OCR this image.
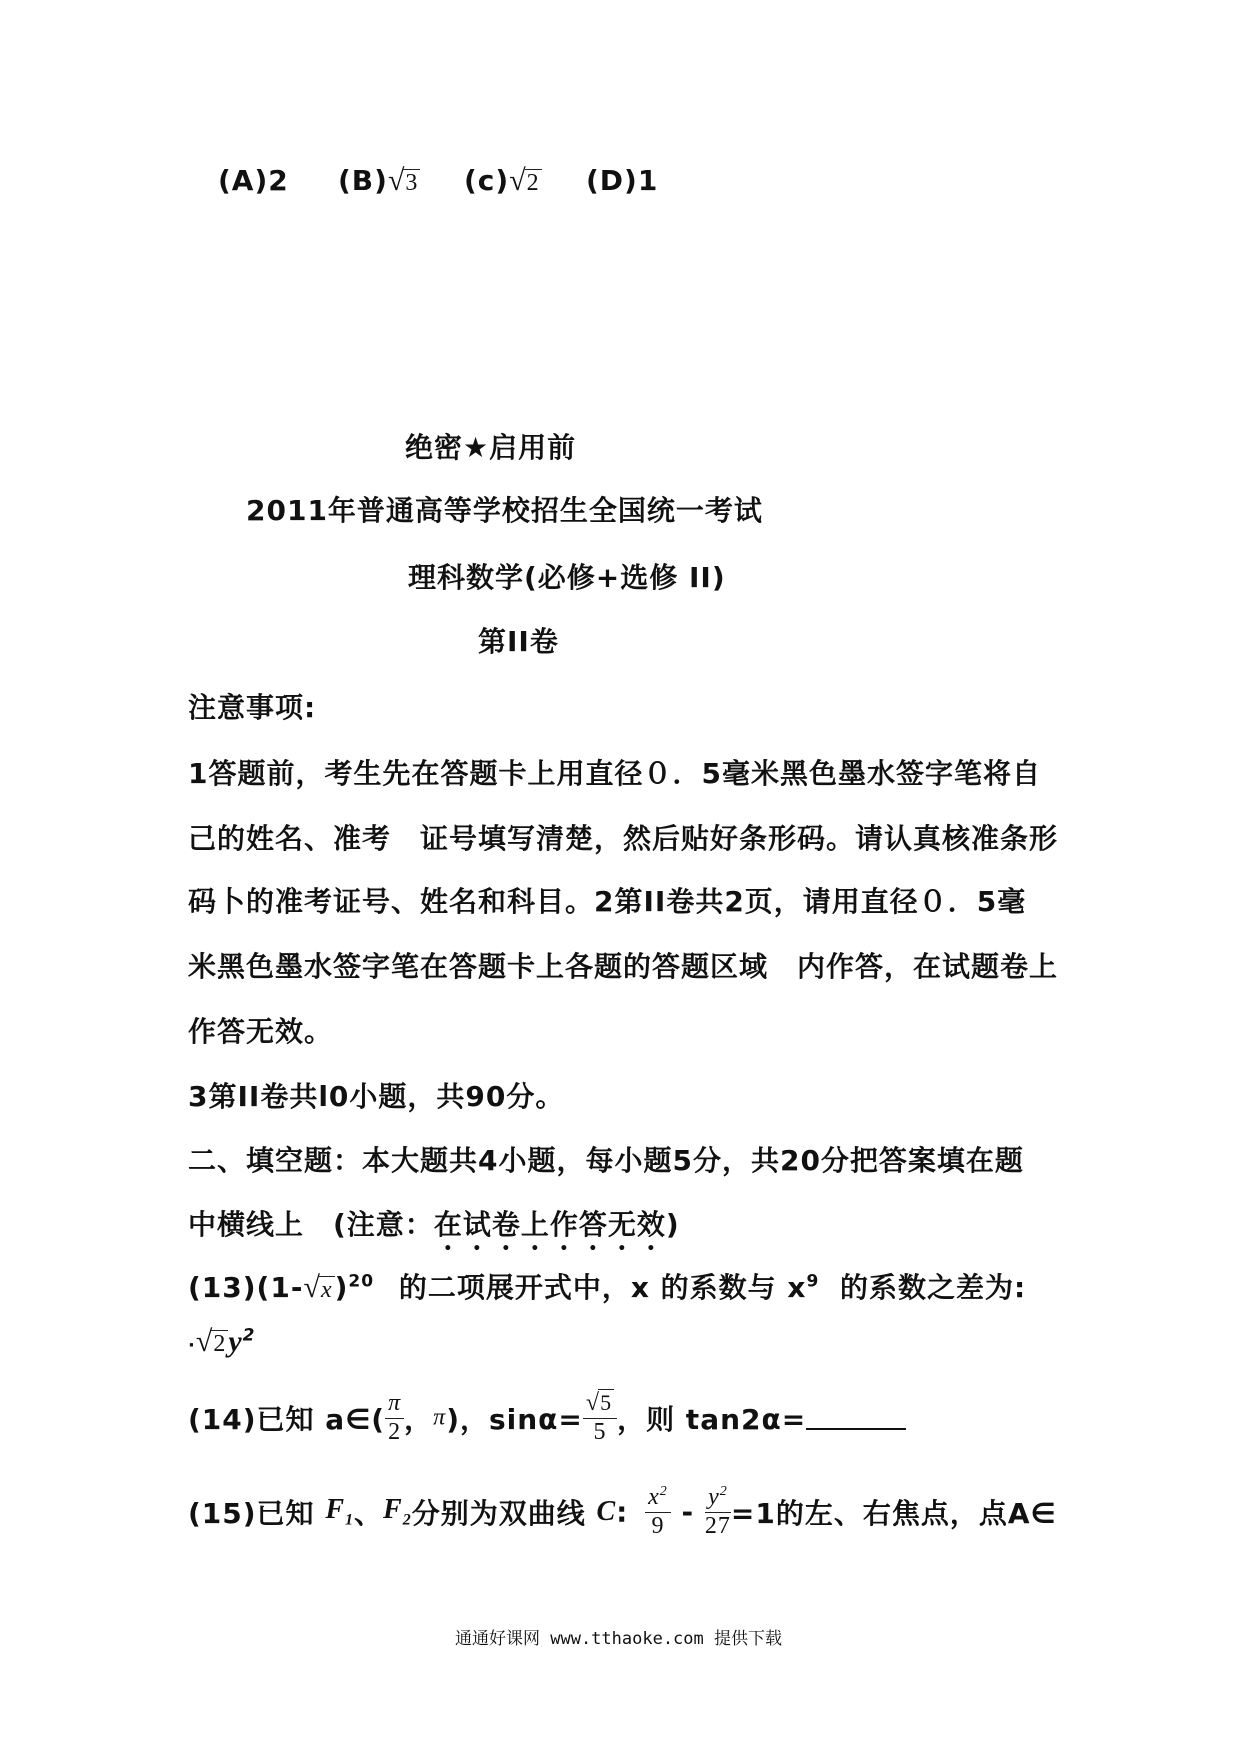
(A)2 (B)√3 (c)√2 (D)1
绝密★启用前
2011年普通高等学校招生全国统一考试
理科数学(必修+选修 II)
第II卷
注意事项:
1答题前，考生先在答题卡上用直径０．5毫米黑色墨水签字笔将自
己的姓名、准考　证号填写清楚，然后贴好条形码。请认真核准条形
码卜的准考证号、姓名和科目。2第II卷共2页，请用直径０．5毫
米黑色墨水签字笔在答题卡上各题的答题区域　内作答，在试题卷上
作答无效。
3第II卷共l0小题，共90分。
二、填空题：本大题共4小题，每小题5分，共20分把答案填在题
中横线上　(注意：在试卷上作答无效)
$(13)(1-√x)^{20}$ 的二项展开式中，x 的系数与 $x^9$ 的系数之差为:
$\cdot√2y^2$
(14)已知 a∈( $\frac{\pi}{2}$ ，π)，$\sin\alpha= \frac{√5}{5}$ ，则 tan2α=
(15)已知 $F_1$、$F_2$分别为双曲线 C: $\frac{x^2}{9} - \frac{y^2}{27} =1$的左、右焦点，点A∈
通通好课网 www.tthaoke.com 提供下载
